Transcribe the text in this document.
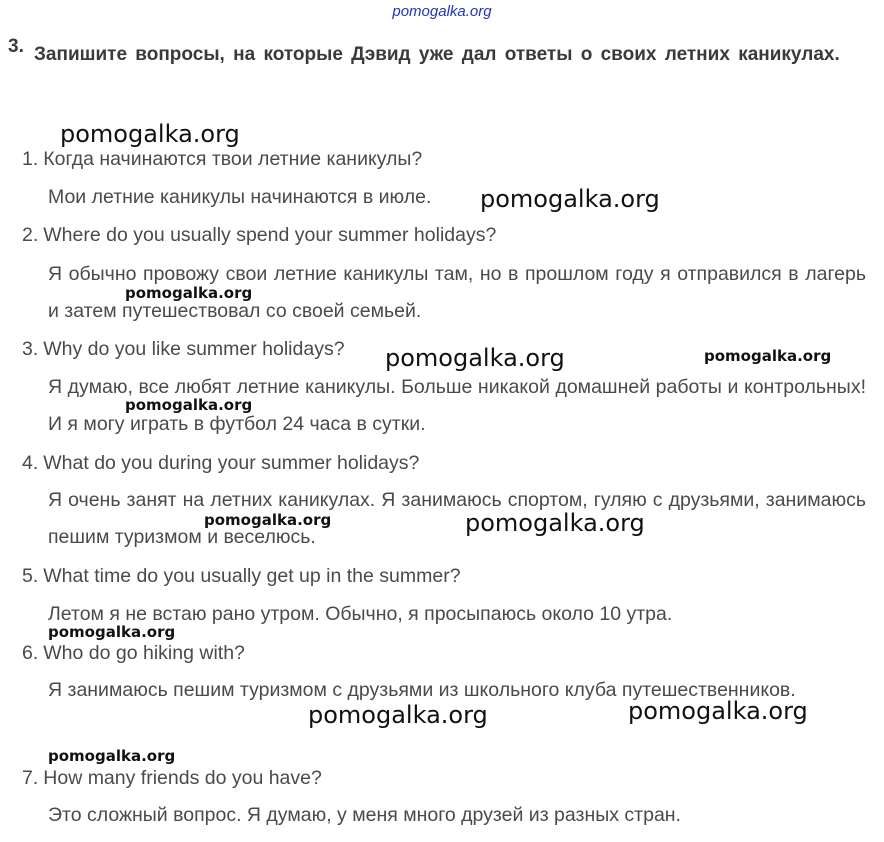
pomogalka.org
3. Запишите вопросы, на которые Дэвид уже дал ответы о своих летних каникулах.
1. Когда начинаются твои летние каникулы?
Мои летние каникулы начинаются в июле.
2. Where do you usually spend your summer holidays?
Я обычно провожу свои летние каникулы там, но в прошлом году я отправился в лагерь и затем путешествовал со своей семьей.
3. Why do you like summer holidays?
Я думаю, все любят летние каникулы. Больше никакой домашней работы и контрольных! И я могу играть в футбол 24 часа в сутки.
4. What do you during your summer holidays?
Я очень занят на летних каникулах. Я занимаюсь спортом, гуляю с друзьями, занимаюсь пешим туризмом и веселюсь.
5. What time do you usually get up in the summer?
Летом я не встаю рано утром. Обычно, я просыпаюсь около 10 утра.
6. Who do go hiking with?
Я занимаюсь пешим туризмом с друзьями из школьного клуба путешественников.
7. How many friends do you have?
Это сложный вопрос. Я думаю, у меня много друзей из разных стран.
pomogalka.org
pomogalka.org
pomogalka.org
pomogalka.org	pomogalka.org
pomogalka.org
pomogalka.org	pomogalka.org
pomogalka.org
pomogalka.org	pomogalka.org
pomogalka.org
